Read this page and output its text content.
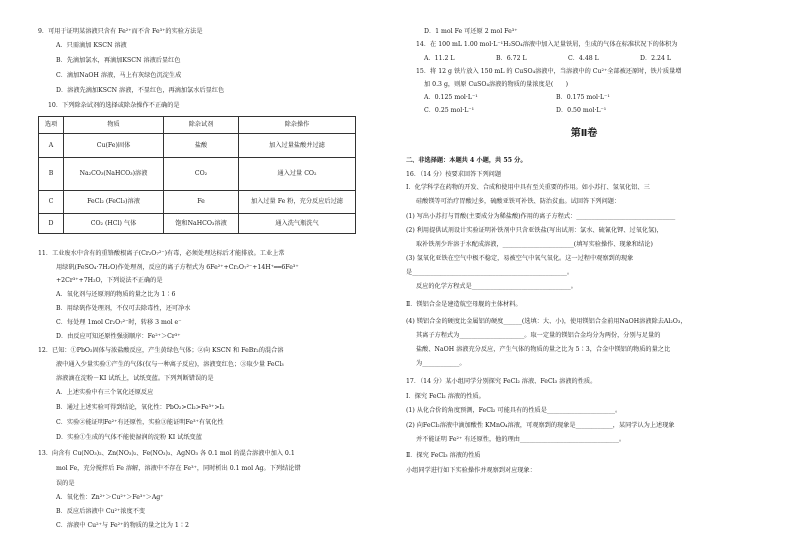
9．可用于证明某溶液只含有 Fe²⁺而不含 Fe³⁺的实验方法是
A．只需滴加 KSCN 溶液
B．先滴加氯水，再滴加KSCN 溶液后显红色
C．滴加NaOH 溶液，马上有灰绿色沉淀生成
D．溶液先滴加KSCN 溶液，不显红色，再滴加氯水后显红色
10．下列除杂试剂的选择或除杂操作不正确的是
选项	物质	除杂试剂	除杂操作
A	Cu(Fe)固体	盐酸	加入过量盐酸并过滤
B	Na₂CO₃(NaHCO₃)溶液	CO₂	通入过量 CO₂
C	FeCl₂ (FeCl₃)溶液	Fe	加入过量 Fe 粉，充分反应后过滤
D	CO₂ (HCl) 气体	饱和NaHCO₃溶液	通入洗气瓶洗气
11．工业废水中含有的重铬酸根离子(Cr₂O₇²⁻)有毒，必须处理达标后才能排放。工业上常
用绿矾(FeSO₄·7H₂O)作处理剂，反应的离子方程式为 6Fe²⁺+Cr₂O₇²⁻+14H⁺══6Fe³⁺
+2Cr³⁺+7H₂O，下列说法不正确的是
A．氧化剂与还原剂的物质的量之比为 1∶6
B．用绿矾作处理剂，不仅可去除毒性，还可净水
C．每处理 1mol Cr₂O₇²⁻时，转移 3 mol e⁻
D．由反应可知还原性强弱顺序：Fe²⁺＞Cr³⁺
12．已知：①PbO₂固体与浓盐酸反应，产生黄绿色气体；②向 KSCN 和 FeBr₂的混合溶
液中通入少量实验①产生的气体(仅与一种离子反应)，溶液变红色；③取少量 FeCl₃
溶液滴在淀粉－KI 试纸上，试纸变蓝。下列判断错误的是
A．上述实验中有三个氧化还原反应
B．通过上述实验可得到结论，氧化性：PbO₂>Cl₂>Fe³⁺>I₂
C．实验②能证明Fe²⁺有还原性，实验③能证明Fe³⁺有氧化性
D．实验①生成的气体不能使湿润的淀粉 KI 试纸变蓝
13．向含有 Cu(NO₃)₂、Zn(NO₃)₂、Fe(NO₃)₃、AgNO₃ 各 0.1 mol 的混合溶液中加入 0.1
mol Fe，充分搅拌后 Fe 溶解，溶液中不存在 Fe³⁺，同时析出 0.1 mol Ag。下列结论错
误的是
A．氧化性：Zn²⁺＞Cu²⁺＞Fe³⁺＞Ag⁺
B．反应后溶液中 Cu²⁺浓度不变
C．溶液中 Cu²⁺与 Fe²⁺的物质的量之比为 1∶2
D．1 mol Fe 可还原 2 mol Fe³⁺
14．在 100 mL 1.00 mol·L⁻¹H₂SO₄溶液中加入足量铁屑，生成的气体在标准状况下的体积为
A．11.2 L	B．6.72 L	C．4.48 L	D．2.24 L
15．将 12 g 铁片放入 150 mL 的 CuSO₄溶液中，当溶液中的 Cu²⁺全部被还原时，铁片质量增
加 0.3 g，则原 CuSO₄溶液的物质的量浓度是(　　)
A．0.125 mol·L⁻¹	B．0.175 mol·L⁻¹
C．0.25 mol·L⁻¹	D．0.50 mol·L⁻¹
第Ⅱ卷
二、非选择题：本题共 4 小题，共 55 分。
16．（14 分）按要求回答下列问题
Ⅰ．化学科学在药物的开发、合成和使用中具有至关重要的作用。如小苏打、氢氧化铝、三
硅酸镁等可治疗胃酸过多，硫酸亚铁可补铁、防治贫血。试回答下列问题：
(1) 写出小苏打与胃酸(主要成分为稀盐酸)作用的离子方程式：________________________________
(2) 利用提供试剂设计实验证明补铁剂中只含亚铁盐(写出试剂：氯水、硫氰化钾、过氧化氢)，
取补铁剂少许溶于水配成溶液，_______________________(填写实验操作、现象和结论)
(3) 氢氧化亚铁在空气中极不稳定，易被空气中氧气氧化。这一过程中观察到的现象
是__________________________________________________。
反应的化学方程式是________________________________。
Ⅱ．镁铝合金是建造航空母舰的主体材料。
(4) 镁铝合金的硬度比金属铝的硬度______(选填：大、小)，使用镁铝合金前用NaOH溶液除去Al₂O₃，
其离子方程式为_____________________。取一定量的镁铝合金均分为两份，分别与足量的
盐酸、NaOH 溶液充分反应，产生气体的物质的量之比为 5∶3，合金中镁铝的物质的量之比
为____________。
17．（14 分）某小组同学分别探究 FeCl₂ 溶液、FeCl₃ 溶液的性质。
Ⅰ．探究 FeCl₂ 溶液的性质。
(1) 从化合价的角度预测，FeCl₂ 可能具有的性质是______________________。
(2) 向FeCl₂溶液中滴加酸性 KMnO₄溶液，可观察到的现象是____________，某同学认为上述现象
并不能证明 Fe²⁺ 有还原性，他的理由________________________________。
Ⅱ．探究 FeCl₃ 溶液的性质
小组同学进行如下实验操作并观察到对应现象：
